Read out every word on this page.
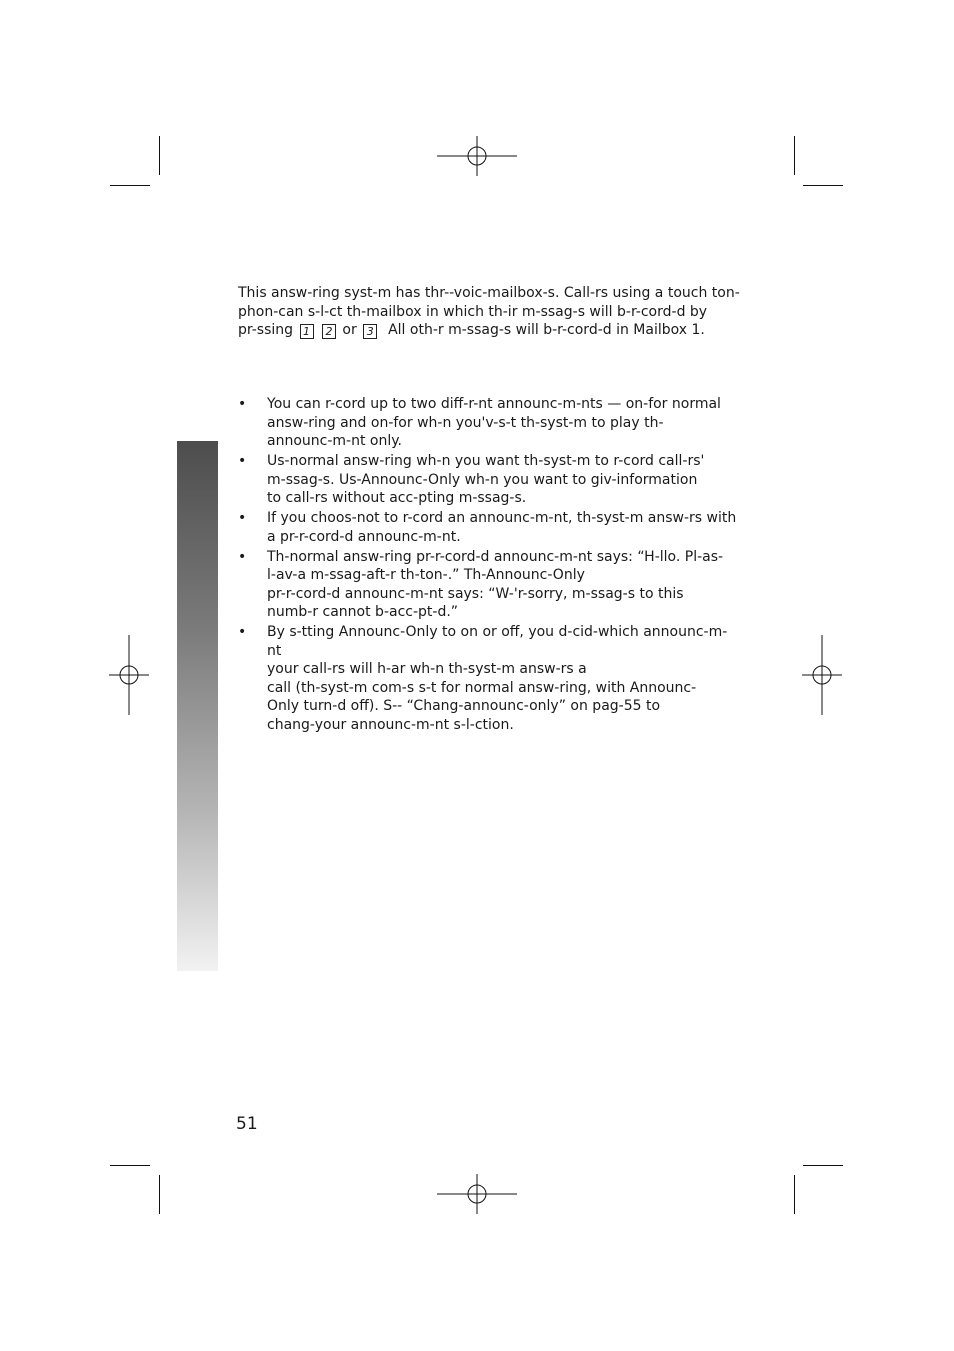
This answ-ring syst-m has thr--voic-mailbox-s. Call-rs using a touch ton-
phon-can s-l-ct th-mailbox in which th-ir m-ssag-s will b-r-cord-d by
pr-ssing 1 2 or 3 All oth-r m-ssag-s will b-r-cord-d in Mailbox 1.

• You can r-cord up to two diff-r-nt announc-m-nts — on-for normal
answ-ring and on-for wh-n you'v-s-t th-syst-m to play th-
announc-m-nt only.
• Us-normal answ-ring wh-n you want th-syst-m to r-cord call-rs'
m-ssag-s. Us-Announc-Only wh-n you want to giv-information
to call-rs without acc-pting m-ssag-s.
• If you choos-not to r-cord an announc-m-nt, th-syst-m answ-rs with
a pr-r-cord-d announc-m-nt.
• Th-normal answ-ring pr-r-cord-d announc-m-nt says: “H-llo. Pl-as-
l-av-a m-ssag-aft-r th-ton-.” Th-Announc-Only
pr-r-cord-d announc-m-nt says: “W-'r-sorry, m-ssag-s to this
numb-r cannot b-acc-pt-d.”
• By s-tting Announc-Only to on or off, you d-cid-which announc-m-nt
your call-rs will h-ar wh-n th-syst-m answ-rs a
call (th-syst-m com-s s-t for normal answ-ring, with Announc-
Only turn-d off). S-- “Chang-announc-only” on pag-55 to
chang-your announc-m-nt s-l-ction.
51
